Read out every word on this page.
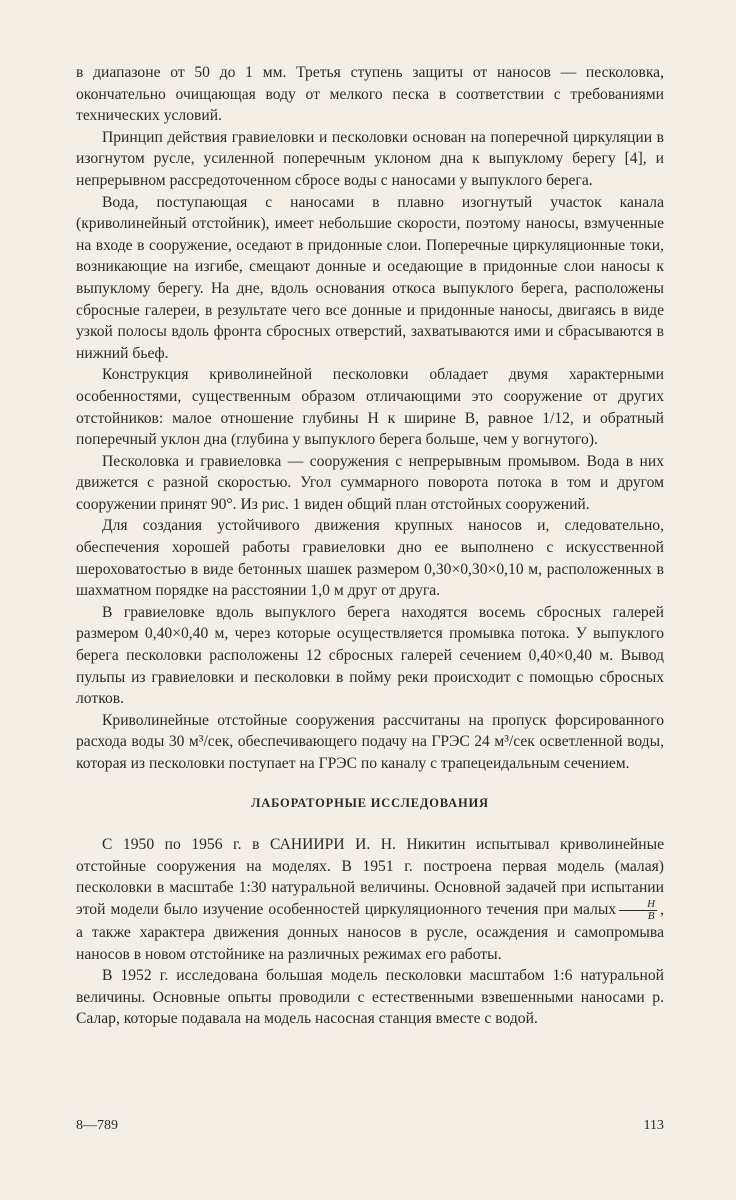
в диапазоне от 50 до 1 мм. Третья ступень защиты от наносов — песколовка, окончательно очищающая воду от мелкого песка в соответствии с требованиями технических условий.

Принцип действия гравиеловки и песколовки основан на поперечной циркуляции в изогнутом русле, усиленной поперечным уклоном дна к выпуклому берегу [4], и непрерывном рассредоточенном сбросе воды с наносами у выпуклого берега.

Вода, поступающая с наносами в плавно изогнутый участок канала (криволинейный отстойник), имеет небольшие скорости, поэтому наносы, взмученные на входе в сооружение, оседают в придонные слои. Поперечные циркуляционные токи, возникающие на изгибе, смещают донные и оседающие в придонные слои наносы к выпуклому берегу. На дне, вдоль основания откоса выпуклого берега, расположены сбросные галереи, в результате чего все донные и придонные наносы, двигаясь в виде узкой полосы вдоль фронта сбросных отверстий, захватываются ими и сбрасываются в нижний бьеф.

Конструкция криволинейной песколовки обладает двумя характерными особенностями, существенным образом отличающими это сооружение от других отстойников: малое отношение глубины H к ширине B, равное 1/12, и обратный поперечный уклон дна (глубина у выпуклого берега больше, чем у вогнутого).

Песколовка и гравиеловка — сооружения с непрерывным промывом. Вода в них движется с разной скоростью. Угол суммарного поворота потока в том и другом сооружении принят 90°. Из рис. 1 виден общий план отстойных сооружений.

Для создания устойчивого движения крупных наносов и, следовательно, обеспечения хорошей работы гравиеловки дно ее выполнено с искусственной шероховатостью в виде бетонных шашек размером 0,30×0,30×0,10 м, расположенных в шахматном порядке на расстоянии 1,0 м друг от друга.

В гравиеловке вдоль выпуклого берега находятся восемь сбросных галерей размером 0,40×0,40 м, через которые осуществляется промывка потока. У выпуклого берега песколовки расположены 12 сбросных галерей сечением 0,40×0,40 м. Вывод пульпы из гравиеловки и песколовки в пойму реки происходит с помощью сбросных лотков.

Криволинейные отстойные сооружения рассчитаны на пропуск форсированного расхода воды 30 м³/сек, обеспечивающего подачу на ГРЭС 24 м³/сек осветленной воды, которая из песколовки поступает на ГРЭС по каналу с трапецеидальным сечением.

ЛАБОРАТОРНЫЕ ИССЛЕДОВАНИЯ

С 1950 по 1956 г. в САНИИРИ И. Н. Никитин испытывал криволинейные отстойные сооружения на моделях. В 1951 г. построена первая модель (малая) песколовки в масштабе 1:30 натуральной величины. Основной задачей при испытании этой модели было изучение особенностей циркуляционного течения при малых $\frac{H}{B}$ , а также характера движения донных наносов в русле, осаждения и самопромыва наносов в новом отстойнике на различных режимах его работы.

В 1952 г. исследована большая модель песколовки масштабом 1:6 натуральной величины. Основные опыты проводили с естественными взвешенными наносами р. Салар, которые подавала на модель насосная станция вместе с водой.

8—789	113
